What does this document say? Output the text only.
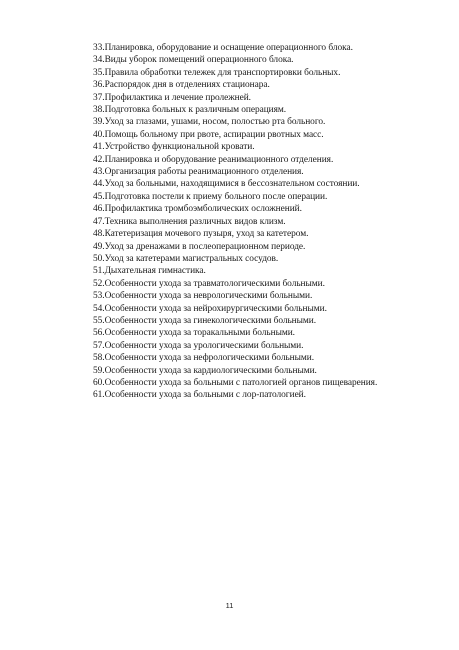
33.Планировка, оборудование и оснащение операционного блока.
34.Виды уборок помещений операционного блока.
35.Правила обработки тележек для транспортировки больных.
36.Распорядок дня в отделениях стационара.
37.Профилактика и лечение пролежней.
38.Подготовка больных к различным операциям.
39.Уход за глазами, ушами, носом, полостью рта больного.
40.Помощь больному при рвоте, аспирации рвотных масс.
41.Устройство функциональной кровати.
42.Планировка и оборудование реанимационного отделения.
43.Организация работы реанимационного отделения.
44.Уход за больными, находящимися в бессознательном состоянии.
45.Подготовка постели к приему больного после операции.
46.Профилактика тромбоэмболических осложнений.
47.Техника выполнения различных видов клизм.
48.Катетеризация мочевого пузыря, уход за катетером.
49.Уход за дренажами в послеоперационном периоде.
50.Уход за катетерами магистральных сосудов.
51.Дыхательная гимнастика.
52.Особенности ухода за травматологическими больными.
53.Особенности ухода за неврологическими больными.
54.Особенности ухода за нейрохирургическими больными.
55.Особенности ухода за гинекологическими больными.
56.Особенности ухода за торакальными больными.
57.Особенности ухода за урологическими больными.
58.Особенности ухода за нефрологическими больными.
59.Особенности ухода за кардиологическими больными.
60.Особенности ухода за больными с патологией органов пищеварения.
61.Особенности ухода за больными с лор-патологией.
11
